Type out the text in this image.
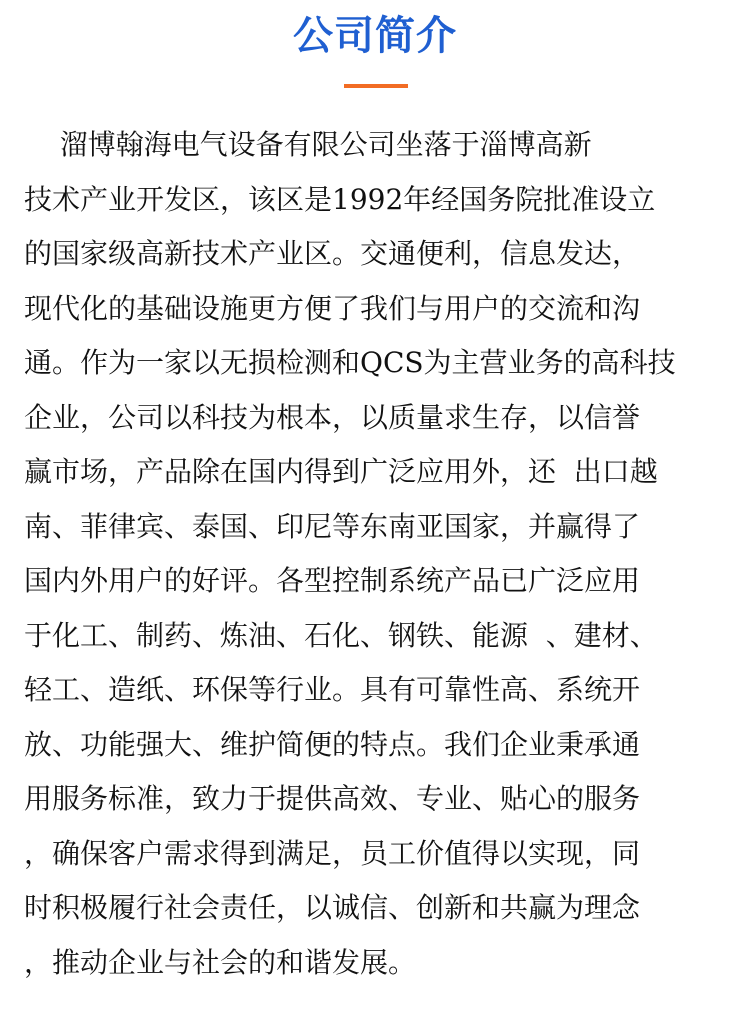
公司简介
溜博翰海电气设备有限公司坐落于淄博高新
技术产业开发区，该区是1992年经国务院批准设立
的国家级高新技术产业区。交通便利，信息发达，
现代化的基础设施更方便了我们与用户的交流和沟
通。作为一家以无损检测和QCS为主营业务的高科技
企业，公司以科技为根本，以质量求生存，以信誉
赢市场，产品除在国内得到广泛应用外，还  出口越
南、菲律宾、泰国、印尼等东南亚国家，并赢得了
国内外用户的好评。各型控制系统产品已广泛应用
于化工、制药、炼油、石化、钢铁、能源  、建材、
轻工、造纸、环保等行业。具有可靠性高、系统开
放、功能强大、维护简便的特点。我们企业秉承通
用服务标准，致力于提供高效、专业、贴心的服务
，确保客户需求得到满足，员工价值得以实现，同
时积极履行社会责任，以诚信、创新和共赢为理念
，推动企业与社会的和谐发展。
